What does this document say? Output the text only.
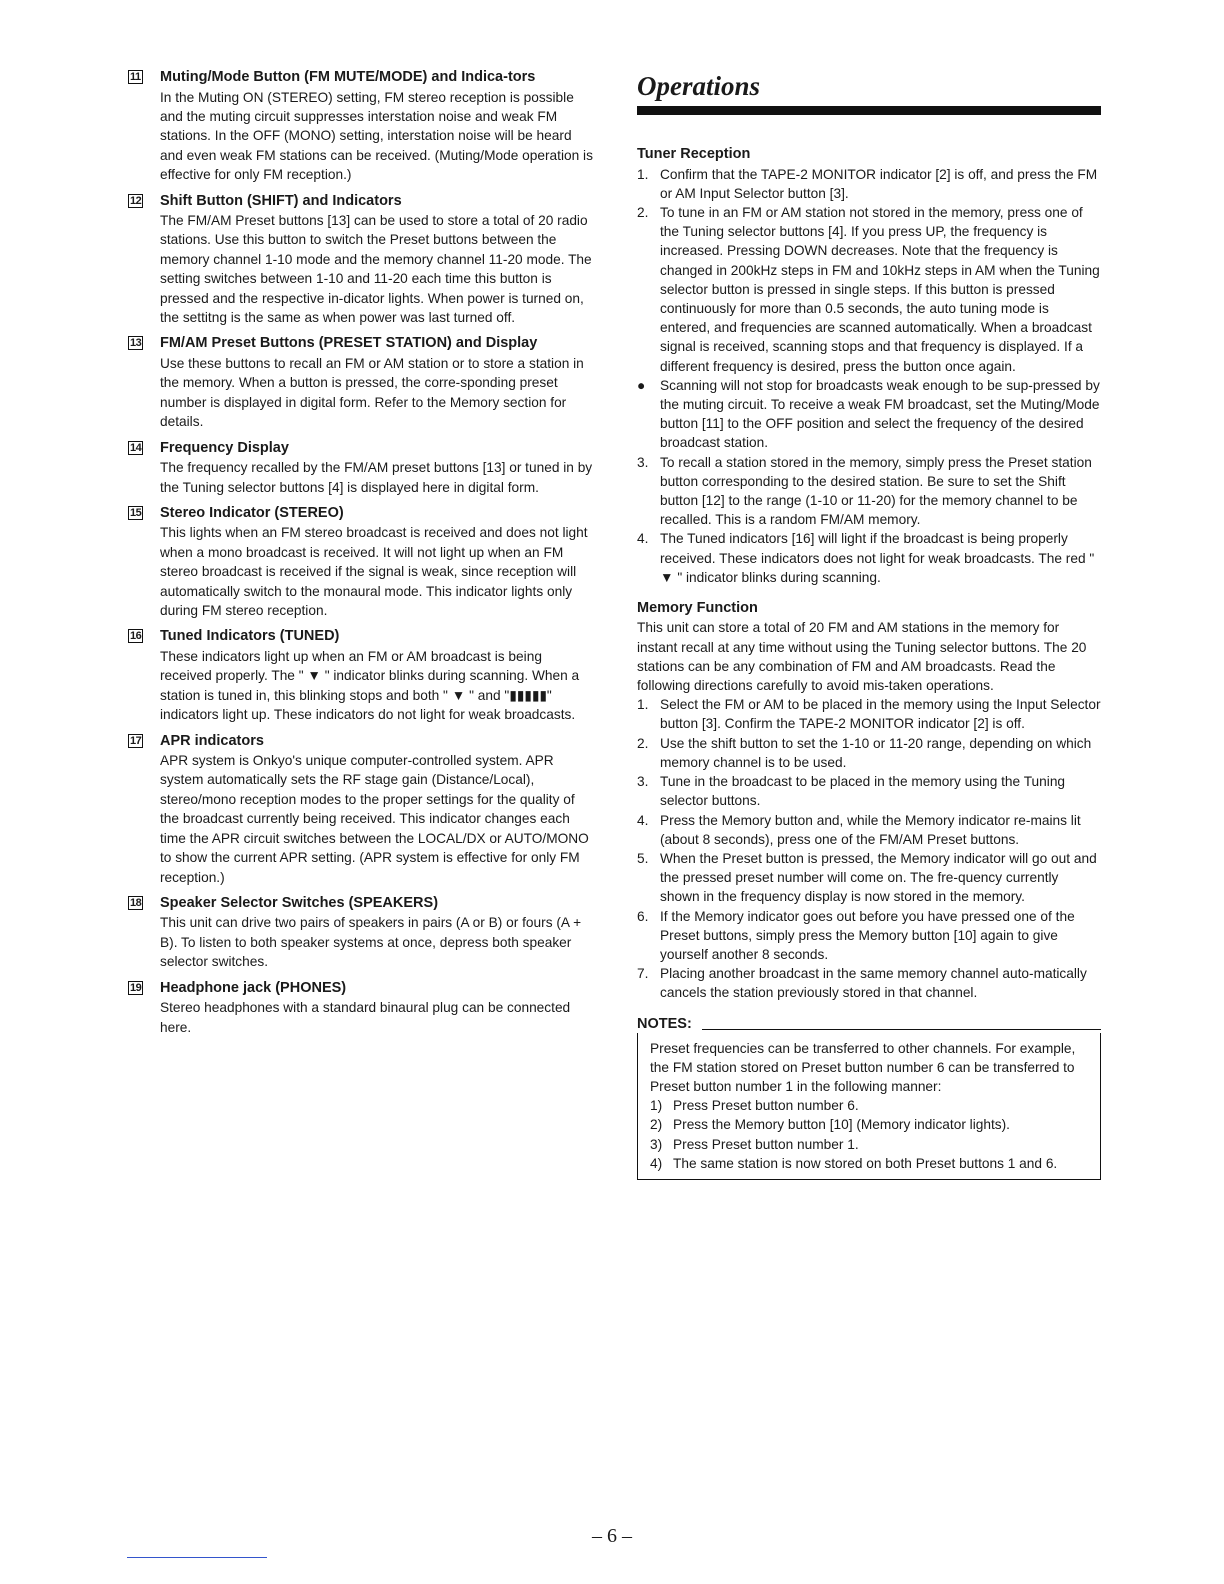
11 Muting/Mode Button (FM MUTE/MODE) and Indica-tors
In the Muting ON (STEREO) setting, FM stereo reception is possible and the muting circuit suppresses interstation noise and weak FM stations. In the OFF (MONO) setting, interstation noise will be heard and even weak FM stations can be received. (Muting/Mode operation is effective for only FM reception.)
12 Shift Button (SHIFT) and Indicators
The FM/AM Preset buttons [13] can be used to store a total of 20 radio stations. Use this button to switch the Preset buttons between the memory channel 1-10 mode and the memory channel 11-20 mode. The setting switches between 1-10 and 11-20 each time this button is pressed and the respective in-dicator lights. When power is turned on, the settitng is the same as when power was last turned off.
13 FM/AM Preset Buttons (PRESET STATION) and Display
Use these buttons to recall an FM or AM station or to store a station in the memory. When a button is pressed, the corre-sponding preset number is displayed in digital form. Refer to the Memory section for details.
14 Frequency Display
The frequency recalled by the FM/AM preset buttons [13] or tuned in by the Tuning selector buttons [4] is displayed here in digital form.
15 Stereo Indicator (STEREO)
This lights when an FM stereo broadcast is received and does not light when a mono broadcast is received. It will not light up when an FM stereo broadcast is received if the signal is weak, since reception will automatically switch to the monaural mode. This indicator lights only during FM stereo reception.
16 Tuned Indicators (TUNED)
These indicators light up when an FM or AM broadcast is being received properly. The " ▼ " indicator blinks during scanning. When a station is tuned in, this blinking stops and both " ▼ " and "▮▮▮▮▮" indicators light up. These indicators do not light for weak broadcasts.
17 APR indicators
APR system is Onkyo's unique computer-controlled system. APR system automatically sets the RF stage gain (Distance/Local), stereo/mono reception modes to the proper settings for the quality of the broadcast currently being received. This indicator changes each time the APR circuit switches between the LOCAL/DX or AUTO/MONO to show the current APR setting. (APR system is effective for only FM reception.)
18 Speaker Selector Switches (SPEAKERS)
This unit can drive two pairs of speakers in pairs (A or B) or fours (A + B). To listen to both speaker systems at once, depress both speaker selector switches.
19 Headphone jack (PHONES)
Stereo headphones with a standard binaural plug can be connected here.
Operations
Tuner Reception
1. Confirm that the TAPE-2 MONITOR indicator [2] is off, and press the FM or AM Input Selector button [3].
2. To tune in an FM or AM station not stored in the memory, press one of the Tuning selector buttons [4]. If you press UP, the frequency is increased. Pressing DOWN decreases. Note that the frequency is changed in 200kHz steps in FM and 10kHz steps in AM when the Tuning selector button is pressed in single steps. If this button is pressed continuously for more than 0.5 seconds, the auto tuning mode is entered, and frequencies are scanned automatically. When a broadcast signal is received, scanning stops and that frequency is displayed. If a different frequency is desired, press the button once again.
● Scanning will not stop for broadcasts weak enough to be sup-pressed by the muting circuit. To receive a weak FM broadcast, set the Muting/Mode button [11] to the OFF position and select the frequency of the desired broadcast station.
3. To recall a station stored in the memory, simply press the Preset station button corresponding to the desired station. Be sure to set the Shift button [12] to the range (1-10 or 11-20) for the memory channel to be recalled. This is a random FM/AM memory.
4. The Tuned indicators [16] will light if the broadcast is being properly received. These indicators does not light for weak broadcasts. The red " ▼ " indicator blinks during scanning.
Memory Function
This unit can store a total of 20 FM and AM stations in the memory for instant recall at any time without using the Tuning selector buttons. The 20 stations can be any combination of FM and AM broadcasts. Read the following directions carefully to avoid mis-taken operations.
1. Select the FM or AM to be placed in the memory using the Input Selector button [3]. Confirm the TAPE-2 MONITOR indicator [2] is off.
2. Use the shift button to set the 1-10 or 11-20 range, depending on which memory channel is to be used.
3. Tune in the broadcast to be placed in the memory using the Tuning selector buttons.
4. Press the Memory button and, while the Memory indicator re-mains lit (about 8 seconds), press one of the FM/AM Preset buttons.
5. When the Preset button is pressed, the Memory indicator will go out and the pressed preset number will come on. The fre-quency currently shown in the frequency display is now stored in the memory.
6. If the Memory indicator goes out before you have pressed one of the Preset buttons, simply press the Memory button [10] again to give yourself another 8 seconds.
7. Placing another broadcast in the same memory channel auto-matically cancels the station previously stored in that channel.
NOTES:
Preset frequencies can be transferred to other channels. For example, the FM station stored on Preset button number 6 can be transferred to Preset button number 1 in the following manner:
1) Press Preset button number 6.
2) Press the Memory button [10] (Memory indicator lights).
3) Press Preset button number 1.
4) The same station is now stored on both Preset buttons 1 and 6.
– 6 –
